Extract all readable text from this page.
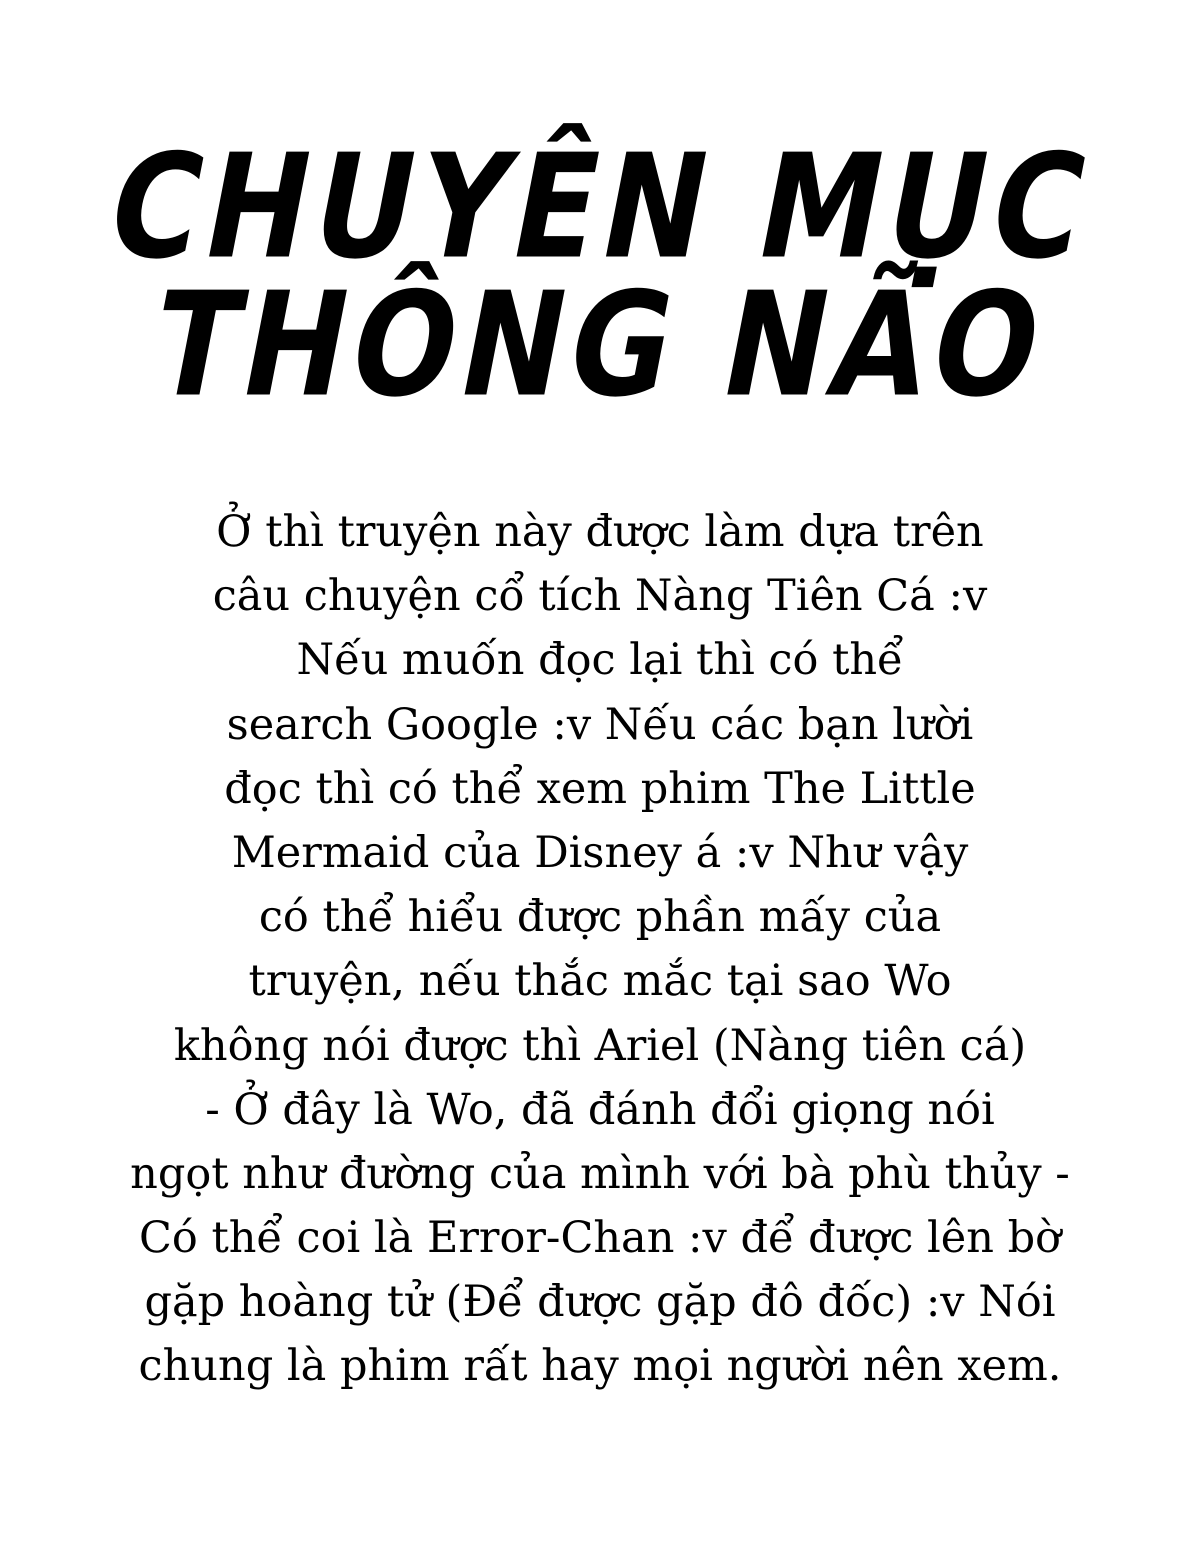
CHUYÊN MỤC
THÔNG NÃO
Ở thì truyện này được làm dựa trên
câu chuyện cổ tích Nàng Tiên Cá :v
Nếu muốn đọc lại thì có thể
search Google :v Nếu các bạn lười
đọc thì có thể xem phim The Little
Mermaid của Disney á :v Như vậy
có thể hiểu được phần mấy của
truyện, nếu thắc mắc tại sao Wo
không nói được thì Ariel (Nàng tiên cá)
- Ở đây là Wo, đã đánh đổi giọng nói
ngọt như đường của mình với bà phù thủy -
Có thể coi là Error-Chan :v để được lên bờ
gặp hoàng tử (Để được gặp đô đốc) :v Nói
chung là phim rất hay mọi người nên xem.
